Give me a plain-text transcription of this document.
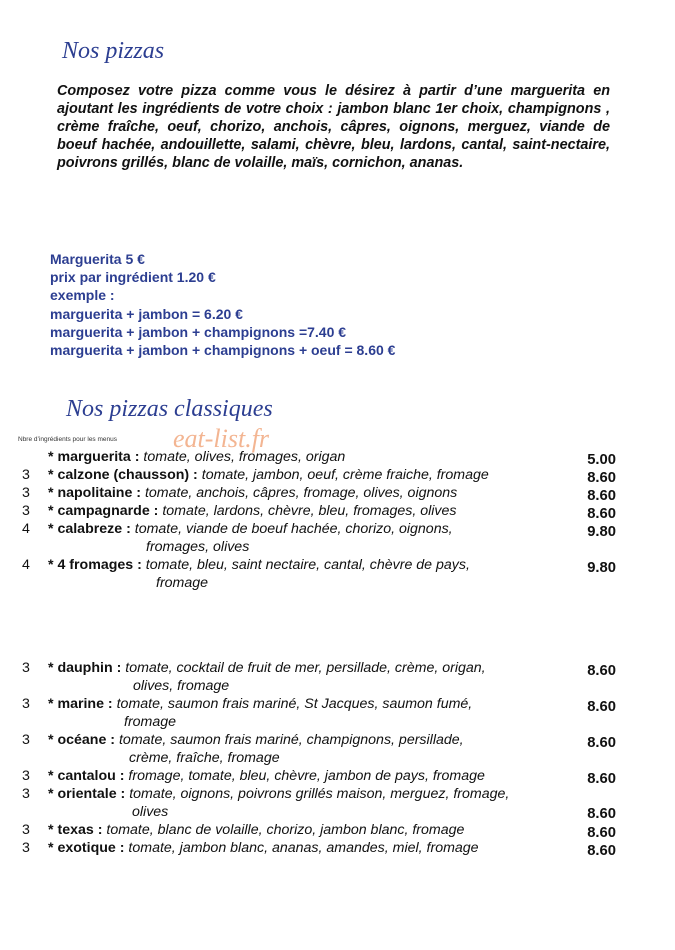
Nos pizzas
Composez votre pizza comme vous le désirez à partir d’une marguerita en ajoutant les ingrédients de votre choix : jambon blanc 1er choix, champignons , crème fraîche, oeuf, chorizo, anchois, câpres, oignons, merguez, viande de boeuf hachée, andouillette, salami, chèvre, bleu, lardons, cantal, saint-nectaire, poivrons grillés, blanc de volaille, maïs, cornichon, ananas.
Marguerita 5 €
prix par ingrédient 1.20 €
exemple :
marguerita + jambon = 6.20 €
marguerita + jambon + champignons =7.40 €
marguerita + jambon + champignons + oeuf = 8.60 €
Nos pizzas classiques
Nbre d’ingrédients pour les menus eat-list.fr
* marguerita : tomate, olives, fromages, origan	5.00
3 * calzone (chausson) : tomate, jambon, oeuf, crème fraiche, fromage	8.60
3 * napolitaine : tomate, anchois, câpres, fromage, olives, oignons	8.60
3 * campagnarde : tomate, lardons, chèvre, bleu, fromages, olives	8.60
4 * calabreze : tomate, viande de boeuf hachée, chorizo, oignons,
fromages, olives
9.80
4 * 4 fromages : tomate, bleu, saint nectaire, cantal, chèvre de pays,
fromage
9.80
3 * dauphin : tomate, cocktail de fruit de mer, persillade, crème, origan,
olives, fromage
8.60
3 * marine : tomate, saumon frais mariné, St Jacques, saumon fumé,
fromage
8.60
3 * océane : tomate, saumon frais mariné, champignons, persillade,
crème, fraîche, fromage
8.60
3 * cantalou : fromage, tomate, bleu, chèvre, jambon de pays, fromage	8.60
3 * orientale : tomate, oignons, poivrons grillés maison, merguez, fromage,
olives	8.60
3 * texas : tomate, blanc de volaille, chorizo, jambon blanc, fromage	8.60
3 * exotique : tomate, jambon blanc, ananas, amandes, miel, fromage	8.60
